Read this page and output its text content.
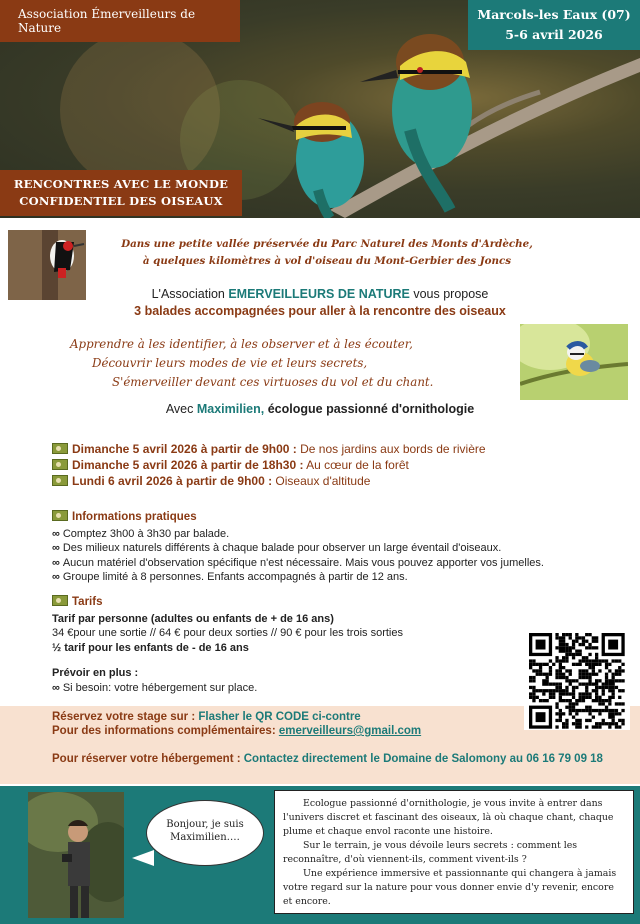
Association Émerveilleurs de Nature
Marcols-les Eaux (07)
5-6 avril 2026
RENCONTRES AVEC LE MONDE
CONFIDENTIEL DES OISEAUX
Dans une petite vallée préservée du Parc Naturel des Monts d'Ardèche,
à quelques kilomètres à vol d'oiseau du Mont-Gerbier des Joncs
L'Association EMERVEILLEURS DE NATURE vous propose
3 balades accompagnées pour aller à la rencontre des oiseaux
Apprendre à les identifier, à les observer et à les écouter,
Découvrir leurs modes de vie et leurs secrets,
S'émerveiller devant ces virtuoses du vol et du chant.
Avec Maximilien, écologue passionné d'ornithologie
Dimanche 5 avril 2026 à partir de 9h00 : De nos jardins aux bords de rivière
Dimanche 5 avril 2026 à partir de 18h30 : Au cœur de la forêt
Lundi 6 avril 2026 à partir de 9h00 : Oiseaux d'altitude
Informations pratiques
∞ Comptez 3h00 à 3h30 par balade.
∞ Des milieux naturels différents à chaque balade pour observer un large éventail d'oiseaux.
∞ Aucun matériel d'observation spécifique n'est nécessaire. Mais vous pouvez apporter vos jumelles.
∞ Groupe limité à 8 personnes. Enfants accompagnés à partir de 12 ans.
Tarifs
Tarif par personne (adultes ou enfants de + de 16 ans)
34 €pour une sortie // 64 € pour deux sorties // 90 € pour les trois sorties
½ tarif pour les enfants de - de 16 ans
Prévoir en plus :
∞ Si besoin: votre hébergement sur place.
Réservez votre stage sur : Flasher le QR CODE ci-contre
Pour des informations complémentaires: emerveilleurs@gmail.com
Pour réserver votre hébergement : Contactez directement le Domaine de Salomony au 06 16 79 09 18
Bonjour, je suis
Maximilien….

Ecologue passionné d'ornithologie, je vous invite à entrer dans l'univers discret et fascinant des oiseaux, là où chaque chant, chaque plume et chaque envol raconte une histoire.

Sur le terrain, je vous dévoile leurs secrets : comment les reconnaître, d'où viennent-ils, comment vivent-ils ?

Une expérience immersive et passionnante qui changera à jamais votre regard sur la nature pour vous donner envie d'y revenir, encore et encore.
